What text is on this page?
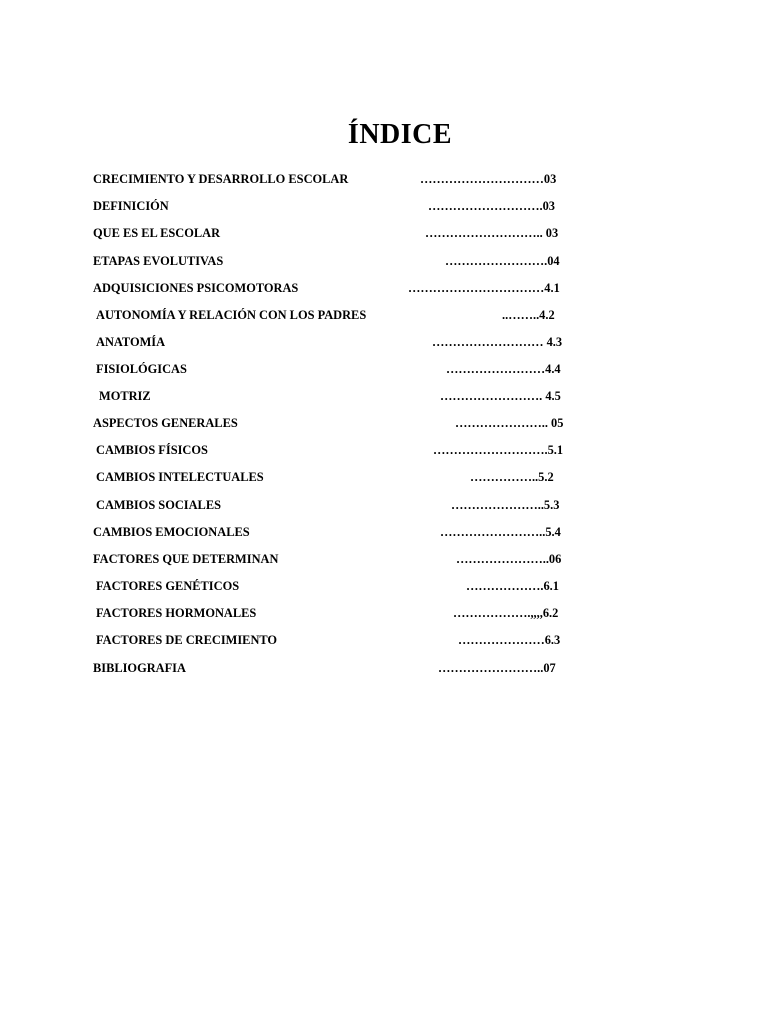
ÍNDICE
CRECIMIENTO Y DESARROLLO ESCOLAR	…………………………03
DEFINICIÓN	……………………….03
QUE ES EL ESCOLAR	……………………….. 03
ETAPAS EVOLUTIVAS	…………………….04
ADQUISICIONES PSICOMOTORAS	……………………………4.1
AUTONOMÍA Y RELACIÓN CON LOS PADRES	..……..4.2
ANATOMÍA	……………………… 4.3
FISIOLÓGICAS	……………………4.4
MOTRIZ	……………………. 4.5
ASPECTOS GENERALES	………………….. 05
CAMBIOS FÍSICOS	……………………….5.1
CAMBIOS INTELECTUALES	……………..5.2
CAMBIOS SOCIALES	…………………..5.3
CAMBIOS EMOCIONALES	……………………..5.4
FACTORES QUE DETERMINAN	…………………..06
FACTORES GENÉTICOS	……………….6.1
FACTORES HORMONALES	……………….,,,,6.2
FACTORES DE CRECIMIENTO	…………………6.3
BIBLIOGRAFIA	……………………..07
